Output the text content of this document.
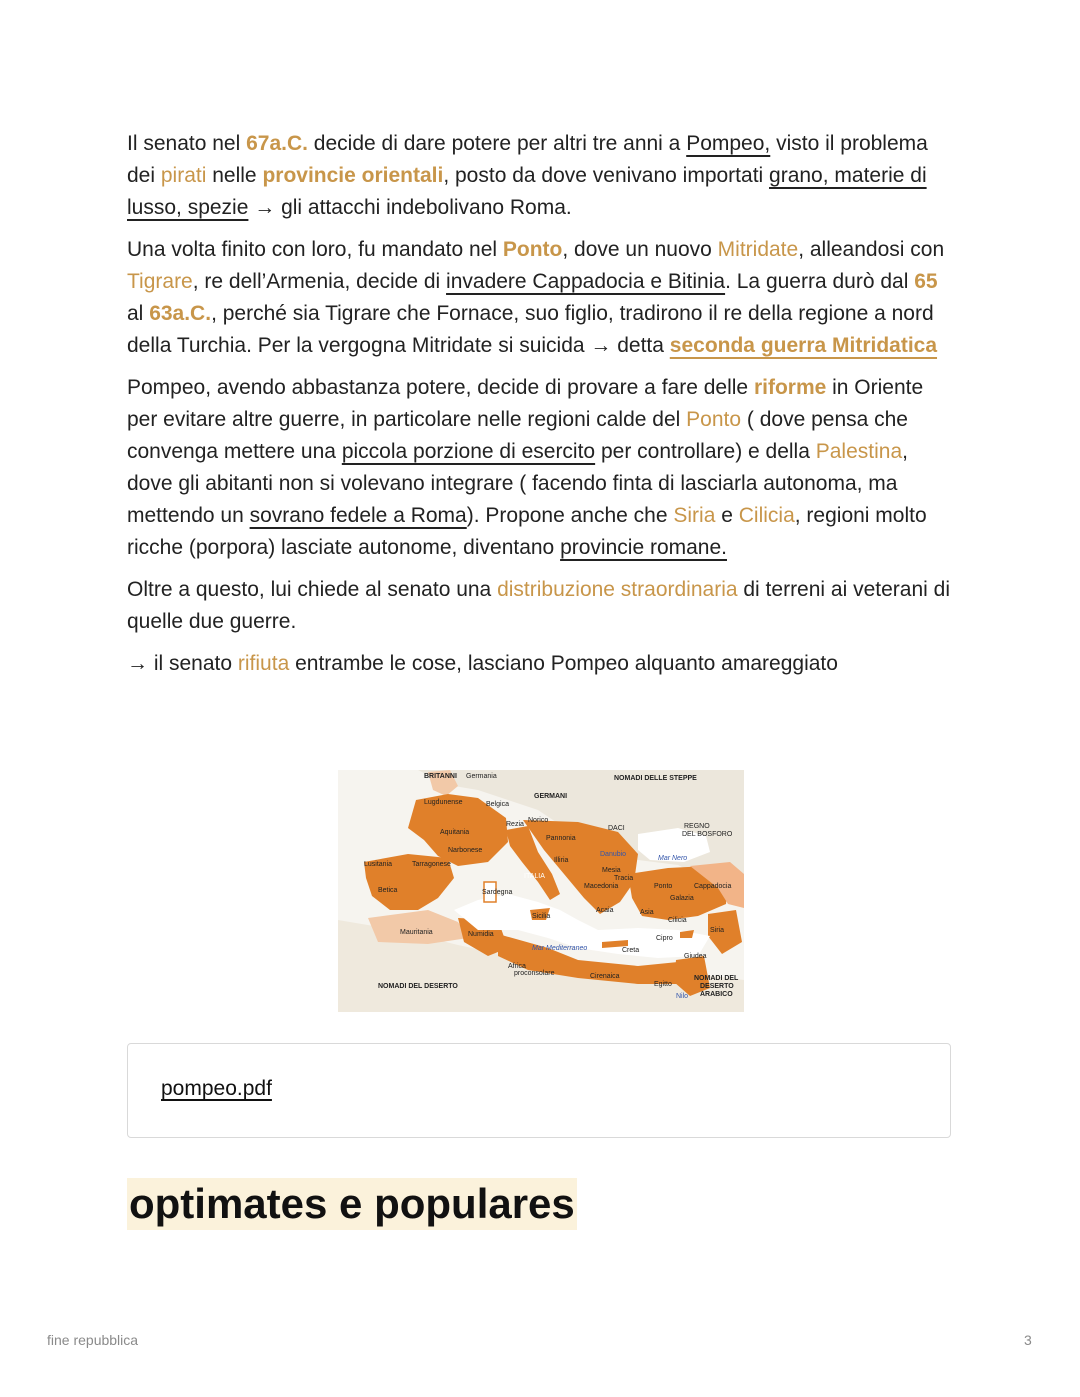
Il senato nel 67a.C. decide di dare potere per altri tre anni a Pompeo, visto il problema dei pirati nelle provincie orientali, posto da dove venivano importati grano, materie di lusso, spezie → gli attacchi indebolivano Roma.

Una volta finito con loro, fu mandato nel Ponto, dove un nuovo Mitridate, alleandosi con Tigrare, re dell’Armenia, decide di invadere Cappadocia e Bitinia. La guerra durò dal 65 al 63a.C., perché sia Tigrare che Fornace, suo figlio, tradirono il re della regione a nord della Turchia. Per la vergogna Mitridate si suicida → detta seconda guerra Mitridatica

Pompeo, avendo abbastanza potere, decide di provare a fare delle riforme in Oriente per evitare altre guerre, in particolare nelle regioni calde del Ponto ( dove pensa che convenga mettere una piccola porzione di esercito per controllare) e della Palestina, dove gli abitanti non si volevano integrare ( facendo finta di lasciarla autonoma, ma mettendo un sovrano fedele a Roma). Propone anche che Siria e Cilicia, regioni molto ricche (porpora) lasciate autonome, diventano provincie romane.

Oltre a questo, lui chiede al senato una distribuzione straordinaria di terreni ai veterani di quelle due guerre.

→ il senato rifiuta entrambe le cose, lasciano Pompeo alquanto amareggiato

BRITANNI Germania	NOMADI DELLE STEPPE
GERMANI
Lugdunense	Belgica
Rezia
Norico
Aquitania
Pannonia
DACI	REGNO
DEL BOSFORO
Narbonese
Danubio
Mar Nero
Lusitania	Tarragonese
Illiria
Mesia
Tracia
ITALIA
Macedonia	Ponto
Galazia
Cappadocia
Betica	Sardegna
Acaia	Asia
Cilicia
Sicilia
Siria
Mauritania	Numidia
Cipro
Mar Mediterraneo	Creta
Giudea
Africa
proconsolare	Cirenaica
Egitto
Nilo
NOMADI DEL DESERTO
NOMADI DEL
DESERTO
ARABICO
pompeo.pdf
optimates e populares
fine repubblica	3
